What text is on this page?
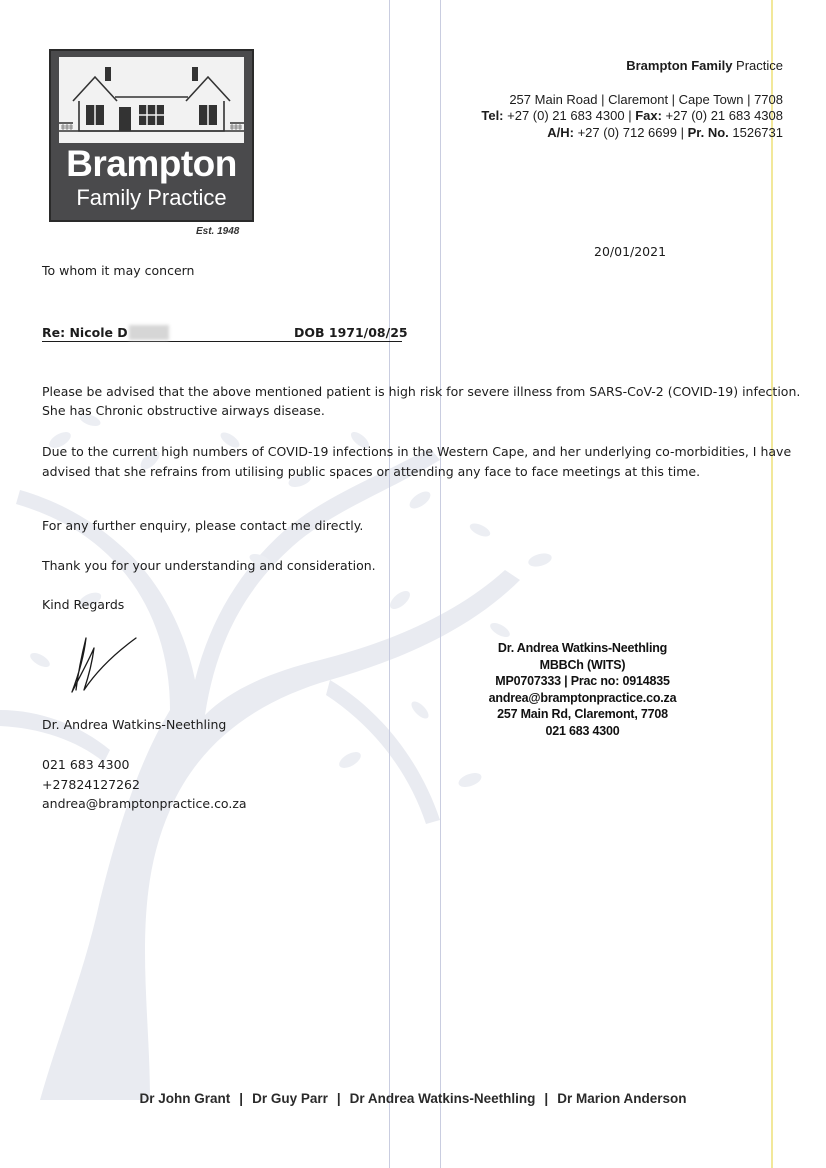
Brampton
Family Practice
Est. 1948
Brampton Family Practice
257 Main Road | Claremont | Cape Town | 7708
Tel: +27 (0) 21 683 4300 | Fax: +27 (0) 21 683 4308
A/H: +27 (0) 712 6699 | Pr. No. 1526731
20/01/2021
To whom it may concern
Re: Nicole D	DOB 1971/08/25
Please be advised that the above mentioned patient is high risk for severe illness from SARS-CoV-2 (COVID-19) infection.
She has Chronic obstructive airways disease.
Due to the current high numbers of COVID-19 infections in the Western Cape, and her underlying co-morbidities, I have
advised that she refrains from utilising public spaces or attending any face to face meetings at this time.
For any further enquiry, please contact me directly.
Thank you for your understanding and consideration.
Kind Regards
Dr. Andrea Watkins-Neethling
021 683 4300
+27824127262
andrea@bramptonpractice.co.za
Dr. Andrea Watkins-Neethling
MBBCh (WITS)
MP0707333 | Prac no: 0914835
andrea@bramptonpractice.co.za
257 Main Rd, Claremont, 7708
021 683 4300
Dr John Grant | Dr Guy Parr | Dr Andrea Watkins-Neethling | Dr Marion Anderson
